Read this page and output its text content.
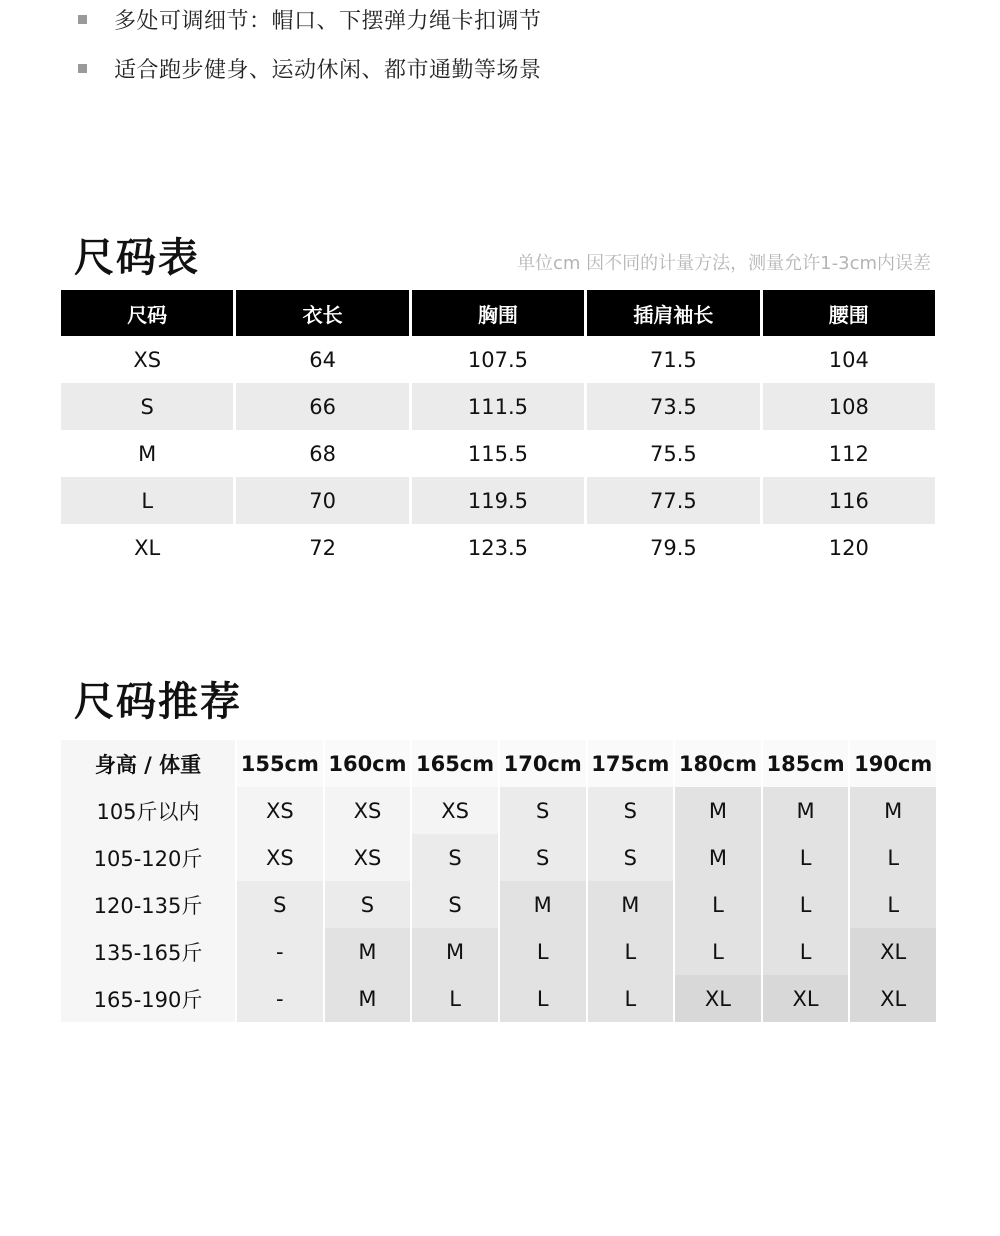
多处可调细节：帽口、下摆弹力绳卡扣调节
适合跑步健身、运动休闲、都市通勤等场景
尺码表	单位cm 因不同的计量方法，测量允许1-3cm内误差
尺码	衣长	胸围	插肩袖长	腰围
XS	64	107.5	71.5	104
S	66	111.5	73.5	108
M	68	115.5	75.5	112
L	70	119.5	77.5	116
XL	72	123.5	79.5	120
尺码推荐
身高 / 体重	155cm	160cm	165cm	170cm	175cm	180cm	185cm	190cm
105斤以内	XS	XS	XS	S	S	M	M	M
105-120斤	XS	XS	S	S	S	M	L	L
120-135斤	S	S	S	M	M	L	L	L
135-165斤	-	M	M	L	L	L	L	XL
165-190斤	-	M	L	L	L	XL	XL	XL
